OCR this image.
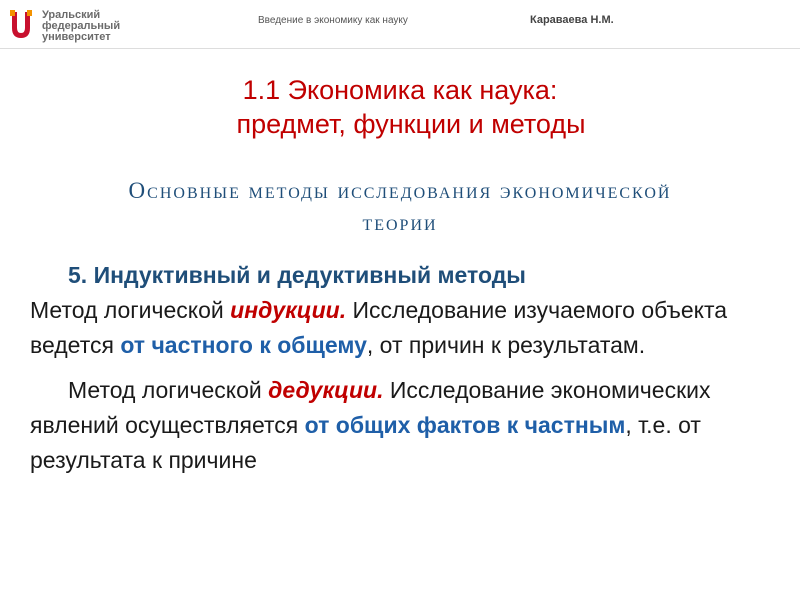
Уральский
федеральный
университет
Введение в экономику как науку	Караваева Н.М.
1.1 Экономика как наука:
предмет, функции и методы
Основные методы исследования экономической
теории
5. Индуктивный и дедуктивный методы

Метод логической индукции. Исследование изучаемого объекта ведется от частного к общему, от причин к результатам.

Метод логической дедукции. Исследование экономических явлений осуществляется от общих фактов к частным, т.е. от результата к причине
